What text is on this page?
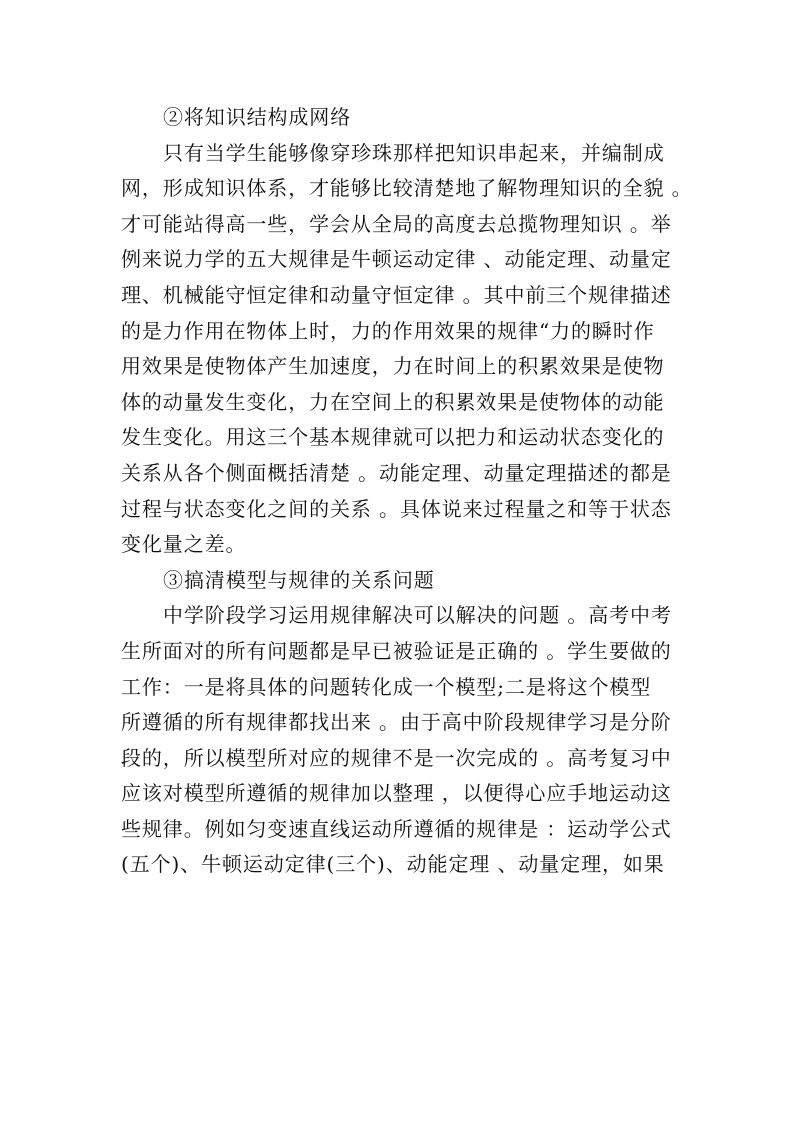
②将知识结构成网络
只有当学生能够像穿珍珠那样把知识串起来，并编制成
网，形成知识体系，才能够比较清楚地了解物理知识的全貌 。
才可能站得高一些，学会从全局的高度去总揽物理知识 。举
例来说力学的五大规律是牛顿运动定律 、动能定理、动量定
理、机械能守恒定律和动量守恒定律 。其中前三个规律描述
的是力作用在物体上时，力的作用效果的规律“力的瞬时作
用效果是使物体产生加速度，力在时间上的积累效果是使物
体的动量发生变化，力在空间上的积累效果是使物体的动能
发生变化。用这三个基本规律就可以把力和运动状态变化的
关系从各个侧面概括清楚 。动能定理、动量定理描述的都是
过程与状态变化之间的关系 。具体说来过程量之和等于状态
变化量之差。
③搞清模型与规律的关系问题
中学阶段学习运用规律解决可以解决的问题 。高考中考
生所面对的所有问题都是早已被验证是正确的 。学生要做的
工作：一是将具体的问题转化成一个模型;二是将这个模型
所遵循的所有规律都找出来 。由于高中阶段规律学习是分阶
段的，所以模型所对应的规律不是一次完成的 。高考复习中
应该对模型所遵循的规律加以整理 ，以便得心应手地运动这
些规律。例如匀变速直线运动所遵循的规律是 ：运动学公式
(五个)、牛顿运动定律(三个)、动能定理 、动量定理，如果
